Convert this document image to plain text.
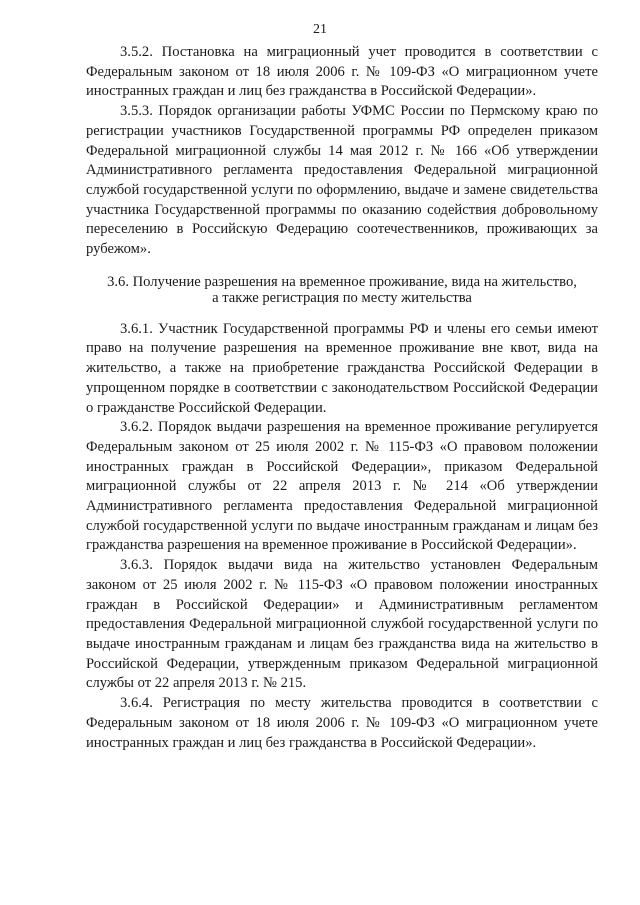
21

3.5.2. Постановка на миграционный учет проводится в соответствии с Федеральным законом от 18 июля 2006 г. № 109-ФЗ «О миграционном учете иностранных граждан и лиц без гражданства в Российской Федерации».

3.5.3. Порядок организации работы УФМС России по Пермскому краю по регистрации участников Государственной программы РФ определен приказом Федеральной миграционной службы 14 мая 2012 г. № 166 «Об утверждении Административного регламента предоставления Федеральной миграционной службой государственной услуги по оформлению, выдаче и замене свидетельства участника Государственной программы по оказанию содействия добровольному переселению в Российскую Федерацию соотечественников, проживающих за рубежом».

3.6. Получение разрешения на временное проживание, вида на жительство,
а также регистрация по месту жительства

3.6.1. Участник Государственной программы РФ и члены его семьи имеют право на получение разрешения на временное проживание вне квот, вида на жительство, а также на приобретение гражданства Российской Федерации в упрощенном порядке в соответствии с законодательством Российской Федерации о гражданстве Российской Федерации.

3.6.2. Порядок выдачи разрешения на временное проживание регулируется Федеральным законом от 25 июля 2002 г. № 115-ФЗ «О правовом положении иностранных граждан в Российской Федерации», приказом Федеральной миграционной службы от 22 апреля 2013 г. № 214 «Об утверждении Административного регламента предоставления Федеральной миграционной службой государственной услуги по выдаче иностранным гражданам и лицам без гражданства разрешения на временное проживание в Российской Федерации».

3.6.3. Порядок выдачи вида на жительство установлен Федеральным законом от 25 июля 2002 г. № 115-ФЗ «О правовом положении иностранных граждан в Российской Федерации» и Административным регламентом предоставления Федеральной миграционной службой государственной услуги по выдаче иностранным гражданам и лицам без гражданства вида на жительство в Российской Федерации, утвержденным приказом Федеральной миграционной службы от 22 апреля 2013 г. № 215.

3.6.4. Регистрация по месту жительства проводится в соответствии с Федеральным законом от 18 июля 2006 г. № 109-ФЗ «О миграционном учете иностранных граждан и лиц без гражданства в Российской Федерации».
